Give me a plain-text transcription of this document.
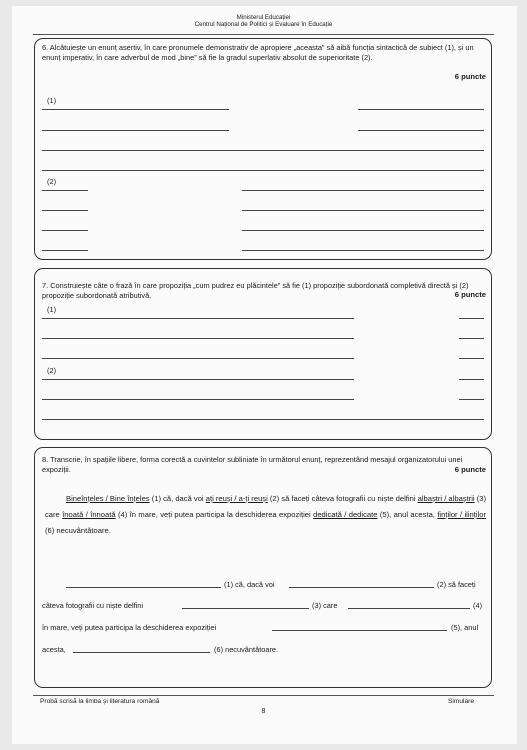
Ministerul Educației
Centrul Național de Politici și Evaluare în Educație
6. Alcătuiește un enunț asertiv, în care pronumele demonstrativ de apropiere „aceasta” să aibă funcția sintactică de subiect (1), și un enunț imperativ, în care adverbul de mod „bine” să fie la gradul superlativ absolut de superioritate (2).
6 puncte
(1)
(2)
7. Construiește câte o frază în care propoziția „cum pudrez eu plăcintele” să fie (1) propoziție subordonată completivă directă și (2) propoziție subordonată atributivă.	6 puncte
(1)
(2)
8. Transcrie, în spațiile libere, forma corectă a cuvintelor subliniate în următorul enunț, reprezentând mesajul organizatorului unei expoziții.	6 puncte
Bineînțeles / Bine înțeles (1) că, dacă voi ați reuși / a-ți reuși (2) să faceți câteva fotografii cu niște delfini albaștri / albaștrii (3) care înoată / înnoată (4) în mare, veți putea participa la deschiderea expoziției dedicată / dedicate (5), anul acesta, finților / ilinților (6) necuvântătoare.
(1) că, dacă voi	(2) să faceți
câteva fotografii cu niște delfini	(3) care	(4)
în mare, veți putea participa la deschiderea expoziției	(5), anul
acesta,	(6) necuvântătoare.
Probă scrisă la limba și literatura română	Simulare
8
